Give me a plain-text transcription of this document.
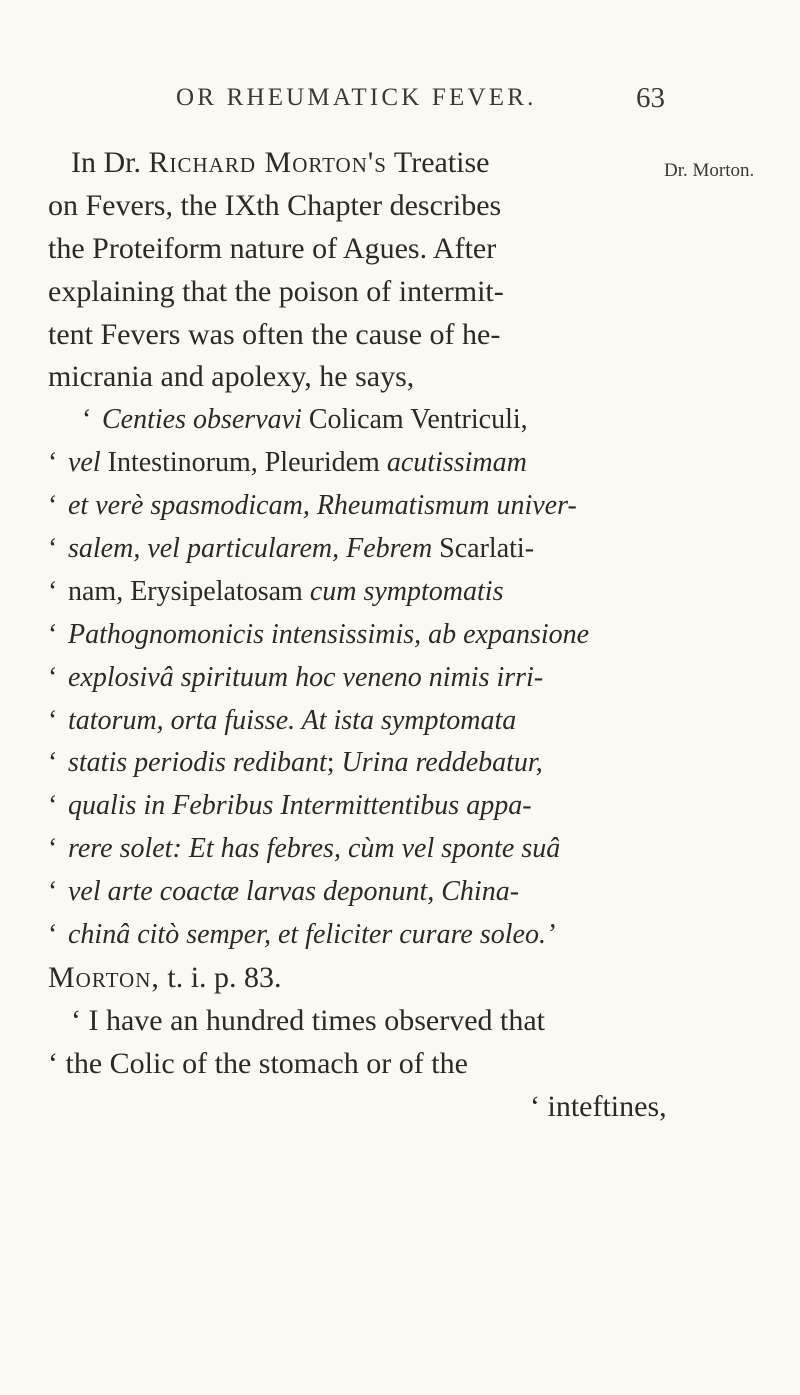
OR RHEUMATICK FEVER.	63
Dr. Morton.
In Dr. Richard Morton's Treatise
on Fevers, the IXth Chapter describes
the Proteiform nature of Agues. After
explaining that the poison of intermit-
tent Fevers was often the cause of he-
micrania and apolexy, he says,
‘ Centies observavi Colicam Ventriculi,
‘ vel Intestinorum, Pleuridem acutissimam
‘ et verè spasmodicam, Rheumatismum univer-
‘ salem, vel particularem, Febrem Scarlati-
‘ nam, Erysipelatosam cum symptomatis
‘ Pathognomonicis intensissimis, ab expansione
‘ explosivâ spirituum hoc veneno nimis irri-
‘ tatorum, orta fuisse. At ista symptomata
‘ statis periodis redibant; Urina reddebatur,
‘ qualis in Febribus Intermittentibus appa-
‘ rere solet: Et has febres, cùm vel sponte suâ
‘ vel arte coactæ larvas deponunt, China-
‘ chinâ citò semper, et feliciter curare soleo.’
Morton, t. i. p. 83.
‘ I have an hundred times observed that
‘ the Colic of the stomach or of the
‘ inteftines,
